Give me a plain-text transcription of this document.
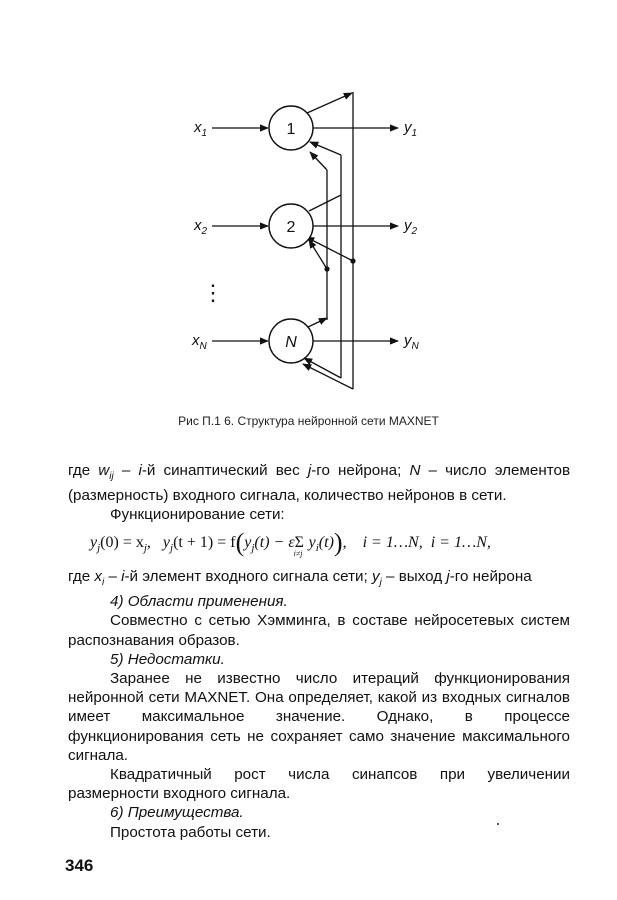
1
2
N
$x_1$
$x_2$
$x_N$
$y_1$
$y_2$
$y_N$
⋮
Рис П.1 6. Структура нейронной сети MAXNET

где $w_{ij} - i-й$ синаптический вес j-го нейрона; N – число элементов (размерность) входного сигнала, количество нейронов в сети.

Функционирование сети:

$y_j(0) = x_j$, $y_j(t + 1) = f(y_j(t) - \varepsilon\Sigma$
i≠j
$y_i(t)$), i = 1…N, i = 1…N,

где $x_i - i-й$ элемент входного сигнала сети; $y_j$ – выход j-го нейрона

4) Области применения.

Совместно с сетью Хэмминга, в составе нейросетевых систем распознавания образов.

5) Недостатки.

Заранее не известно число итераций функционирования нейронной сети MAXNET. Она определяет, какой из входных сигналов имеет максимальное значение. Однако, в процессе функционирования сеть не сохраняет само значение максимального сигнала.

Квадратичный рост числа синапсов при увеличении размерности входного сигнала.

6) Преимущества.

Простота работы сети.

346
